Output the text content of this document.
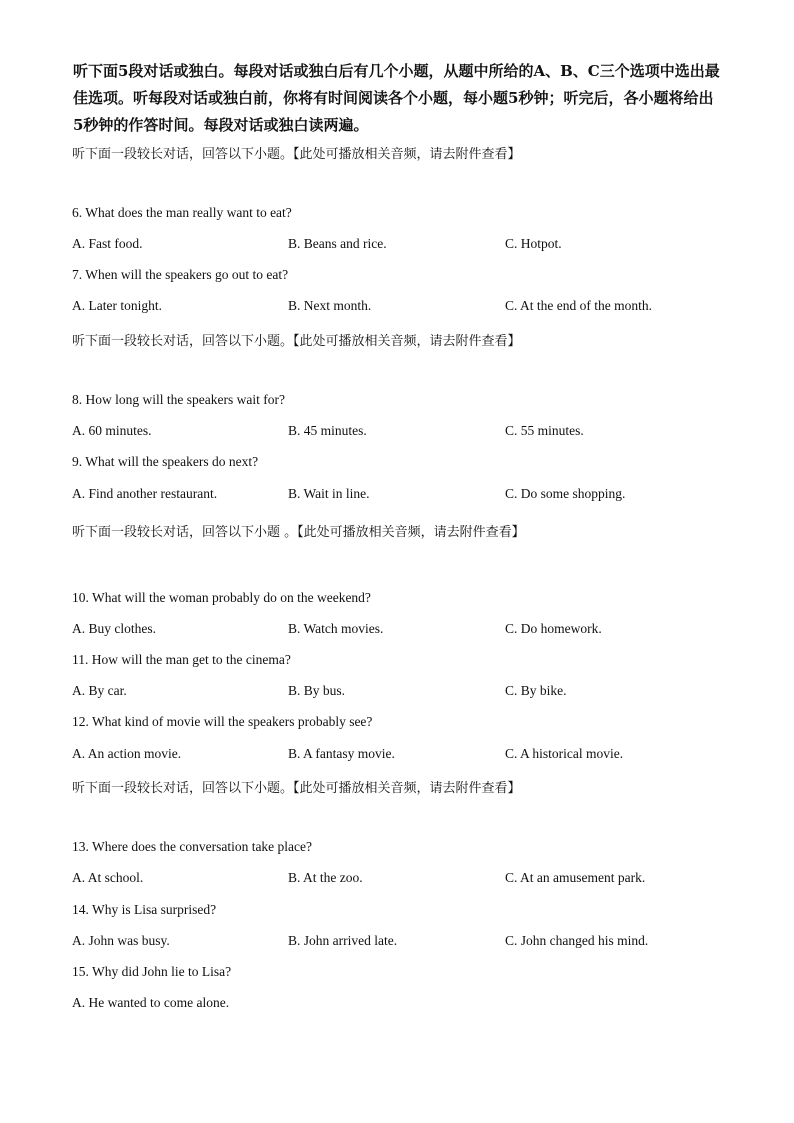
听下面5段对话或独白。每段对话或独白后有几个小题，从题中所给的A、B、C三个选项中选出最佳选项。听每段对话或独白前，你将有时间阅读各个小题，每小题5秒钟；听完后，各小题将给出5秒钟的作答时间。每段对话或独白读两遍。
听下面一段较长对话，回答以下小题。【此处可播放相关音频，请去附件查看】
6. What does the man really want to eat?
A. Fast food.	B. Beans and rice.	C. Hotpot.
7. When will the speakers go out to eat?
A. Later tonight.	B. Next month.	C. At the end of the month.
听下面一段较长对话，回答以下小题。【此处可播放相关音频，请去附件查看】
8. How long will the speakers wait for?
A. 60 minutes.	B. 45 minutes.	C. 55 minutes.
9. What will the speakers do next?
A. Find another restaurant.	B. Wait in line.	C. Do some shopping.
听下面一段较长对话，回答以下小题 。【此处可播放相关音频，请去附件查看】
10. What will the woman probably do on the weekend?
A. Buy clothes.	B. Watch movies.	C. Do homework.
11. How will the man get to the cinema?
A. By car.	B. By bus.	C. By bike.
12. What kind of movie will the speakers probably see?
A. An action movie.	B. A fantasy movie.	C. A historical movie.
听下面一段较长对话，回答以下小题。【此处可播放相关音频，请去附件查看】
13. Where does the conversation take place?
A. At school.	B. At the zoo.	C. At an amusement park.
14. Why is Lisa surprised?
A. John was busy.	B. John arrived late.	C. John changed his mind.
15. Why did John lie to Lisa?
A. He wanted to come alone.
